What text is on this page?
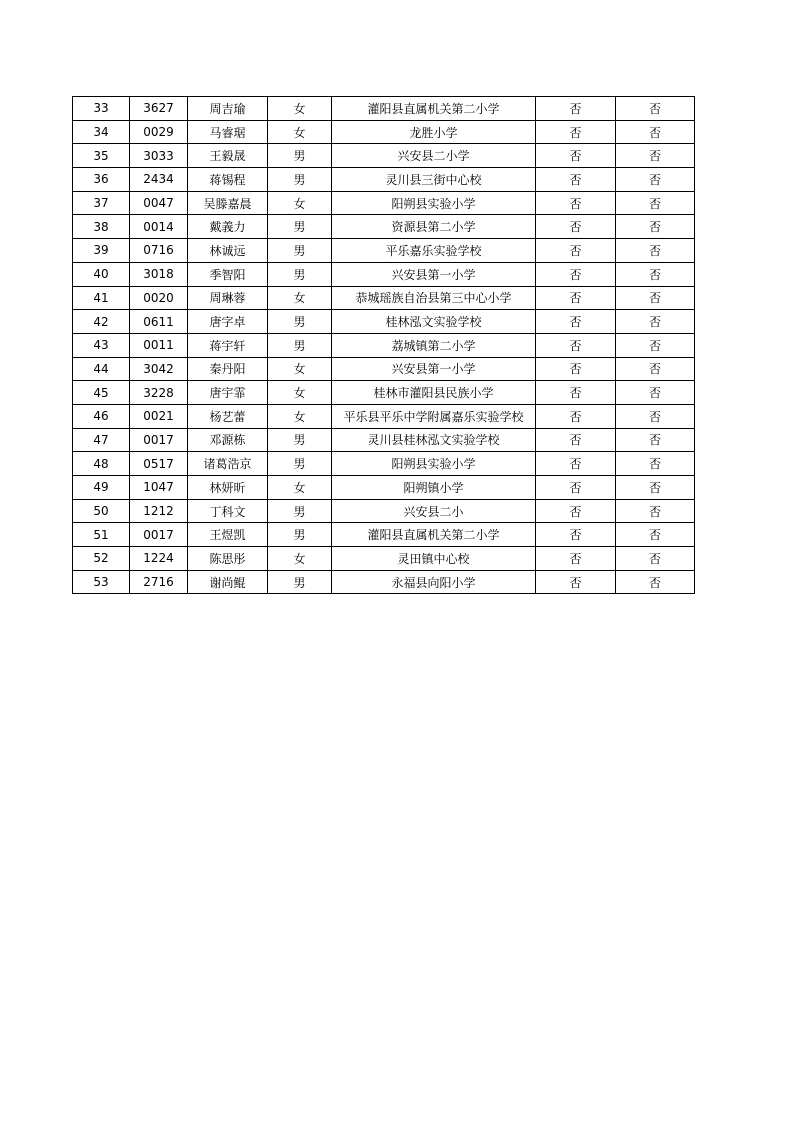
33	3627	周吉瑜	女	灌阳县直属机关第二小学	否	否
34	0029	马睿琚	女	龙胜小学	否	否
35	3033	王毅晟	男	兴安县二小学	否	否
36	2434	蒋锡程	男	灵川县三街中心校	否	否
37	0047	吴滕嘉晨	女	阳朔县实验小学	否	否
38	0014	戴義力	男	资源县第二小学	否	否
39	0716	林诚远	男	平乐嘉乐实验学校	否	否
40	3018	季智阳	男	兴安县第一小学	否	否
41	0020	周琳蓉	女	恭城瑶族自治县第三中心小学	否	否
42	0611	唐字卓	男	桂林泓文实验学校	否	否
43	0011	蒋宇轩	男	荔城镇第二小学	否	否
44	3042	秦丹阳	女	兴安县第一小学	否	否
45	3228	唐宇霏	女	桂林市灌阳县民族小学	否	否
46	0021	杨艺蕾	女	平乐县平乐中学附属嘉乐实验学校	否	否
47	0017	邓源栋	男	灵川县桂林泓文实验学校	否	否
48	0517	诸葛浩京	男	阳朔县实验小学	否	否
49	1047	林妍昕	女	阳朔镇小学	否	否
50	1212	丁科文	男	兴安县二小	否	否
51	0017	王煜凯	男	灌阳县直属机关第二小学	否	否
52	1224	陈思彤	女	灵田镇中心校	否	否
53	2716	谢尚鲲	男	永福县向阳小学	否	否
